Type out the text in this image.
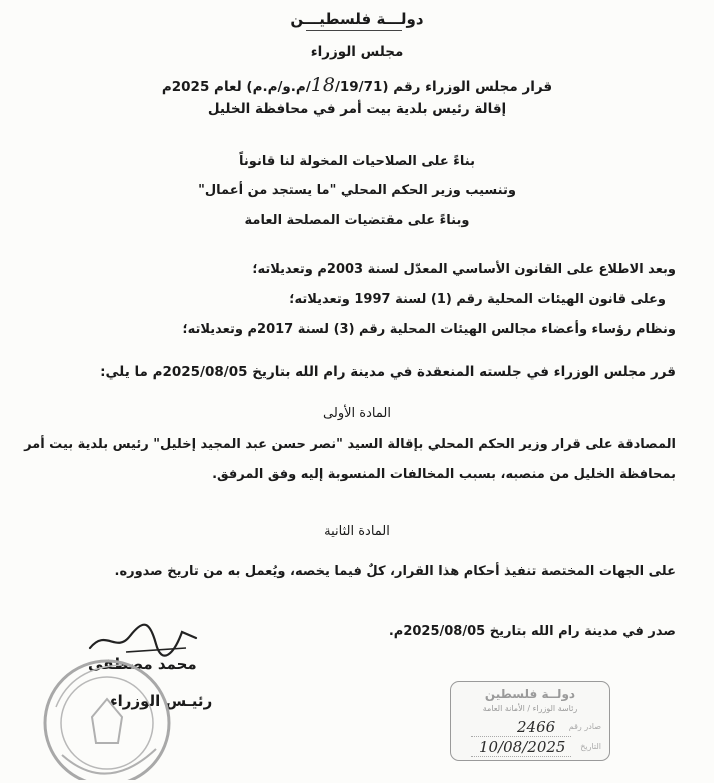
دولـــة فلسطيـــن
مجلس الوزراء
قرار مجلس الوزراء رقم (18/19/71/م.و/م.م) لعام 2025م
إقالة رئيس بلدية بيت أمر في محافظة الخليل
بناءً على الصلاحيات المخولة لنا قانوناً
وتنسيب وزير الحكم المحلي "ما يستجد من أعمال"
وبناءً على مقتضيات المصلحة العامة
وبعد الاطلاع على القانون الأساسي المعدّل لسنة 2003م وتعديلاته؛
وعلى قانون الهيئات المحلية رقم (1) لسنة 1997 وتعديلاته؛
ونظام رؤساء وأعضاء مجالس الهيئات المحلية رقم (3) لسنة 2017م وتعديلاته؛
قرر مجلس الوزراء في جلسته المنعقدة في مدينة رام الله بتاريخ 2025/08/05م ما يلي:
المادة الأولى
المصادقة على قرار وزير الحكم المحلي بإقالة السيد "نصر حسن عبد المجيد إخليل" رئيس بلدية بيت أمر
بمحافظة الخليل من منصبه، بسبب المخالفات المنسوبة إليه وفق المرفق.
المادة الثانية
على الجهات المختصة تنفيذ أحكام هذا القرار، كلٌ فيما يخصه، ويُعمل به من تاريخ صدوره.
صدر في مدينة رام الله بتاريخ 2025/08/05م.
محمد مصطفى
رئيـس الوزراء	دولــة فلسطين
رئاسة الوزراء / الأمانة العامة
صادر رقم
2466
التاريخ
10/08/2025
